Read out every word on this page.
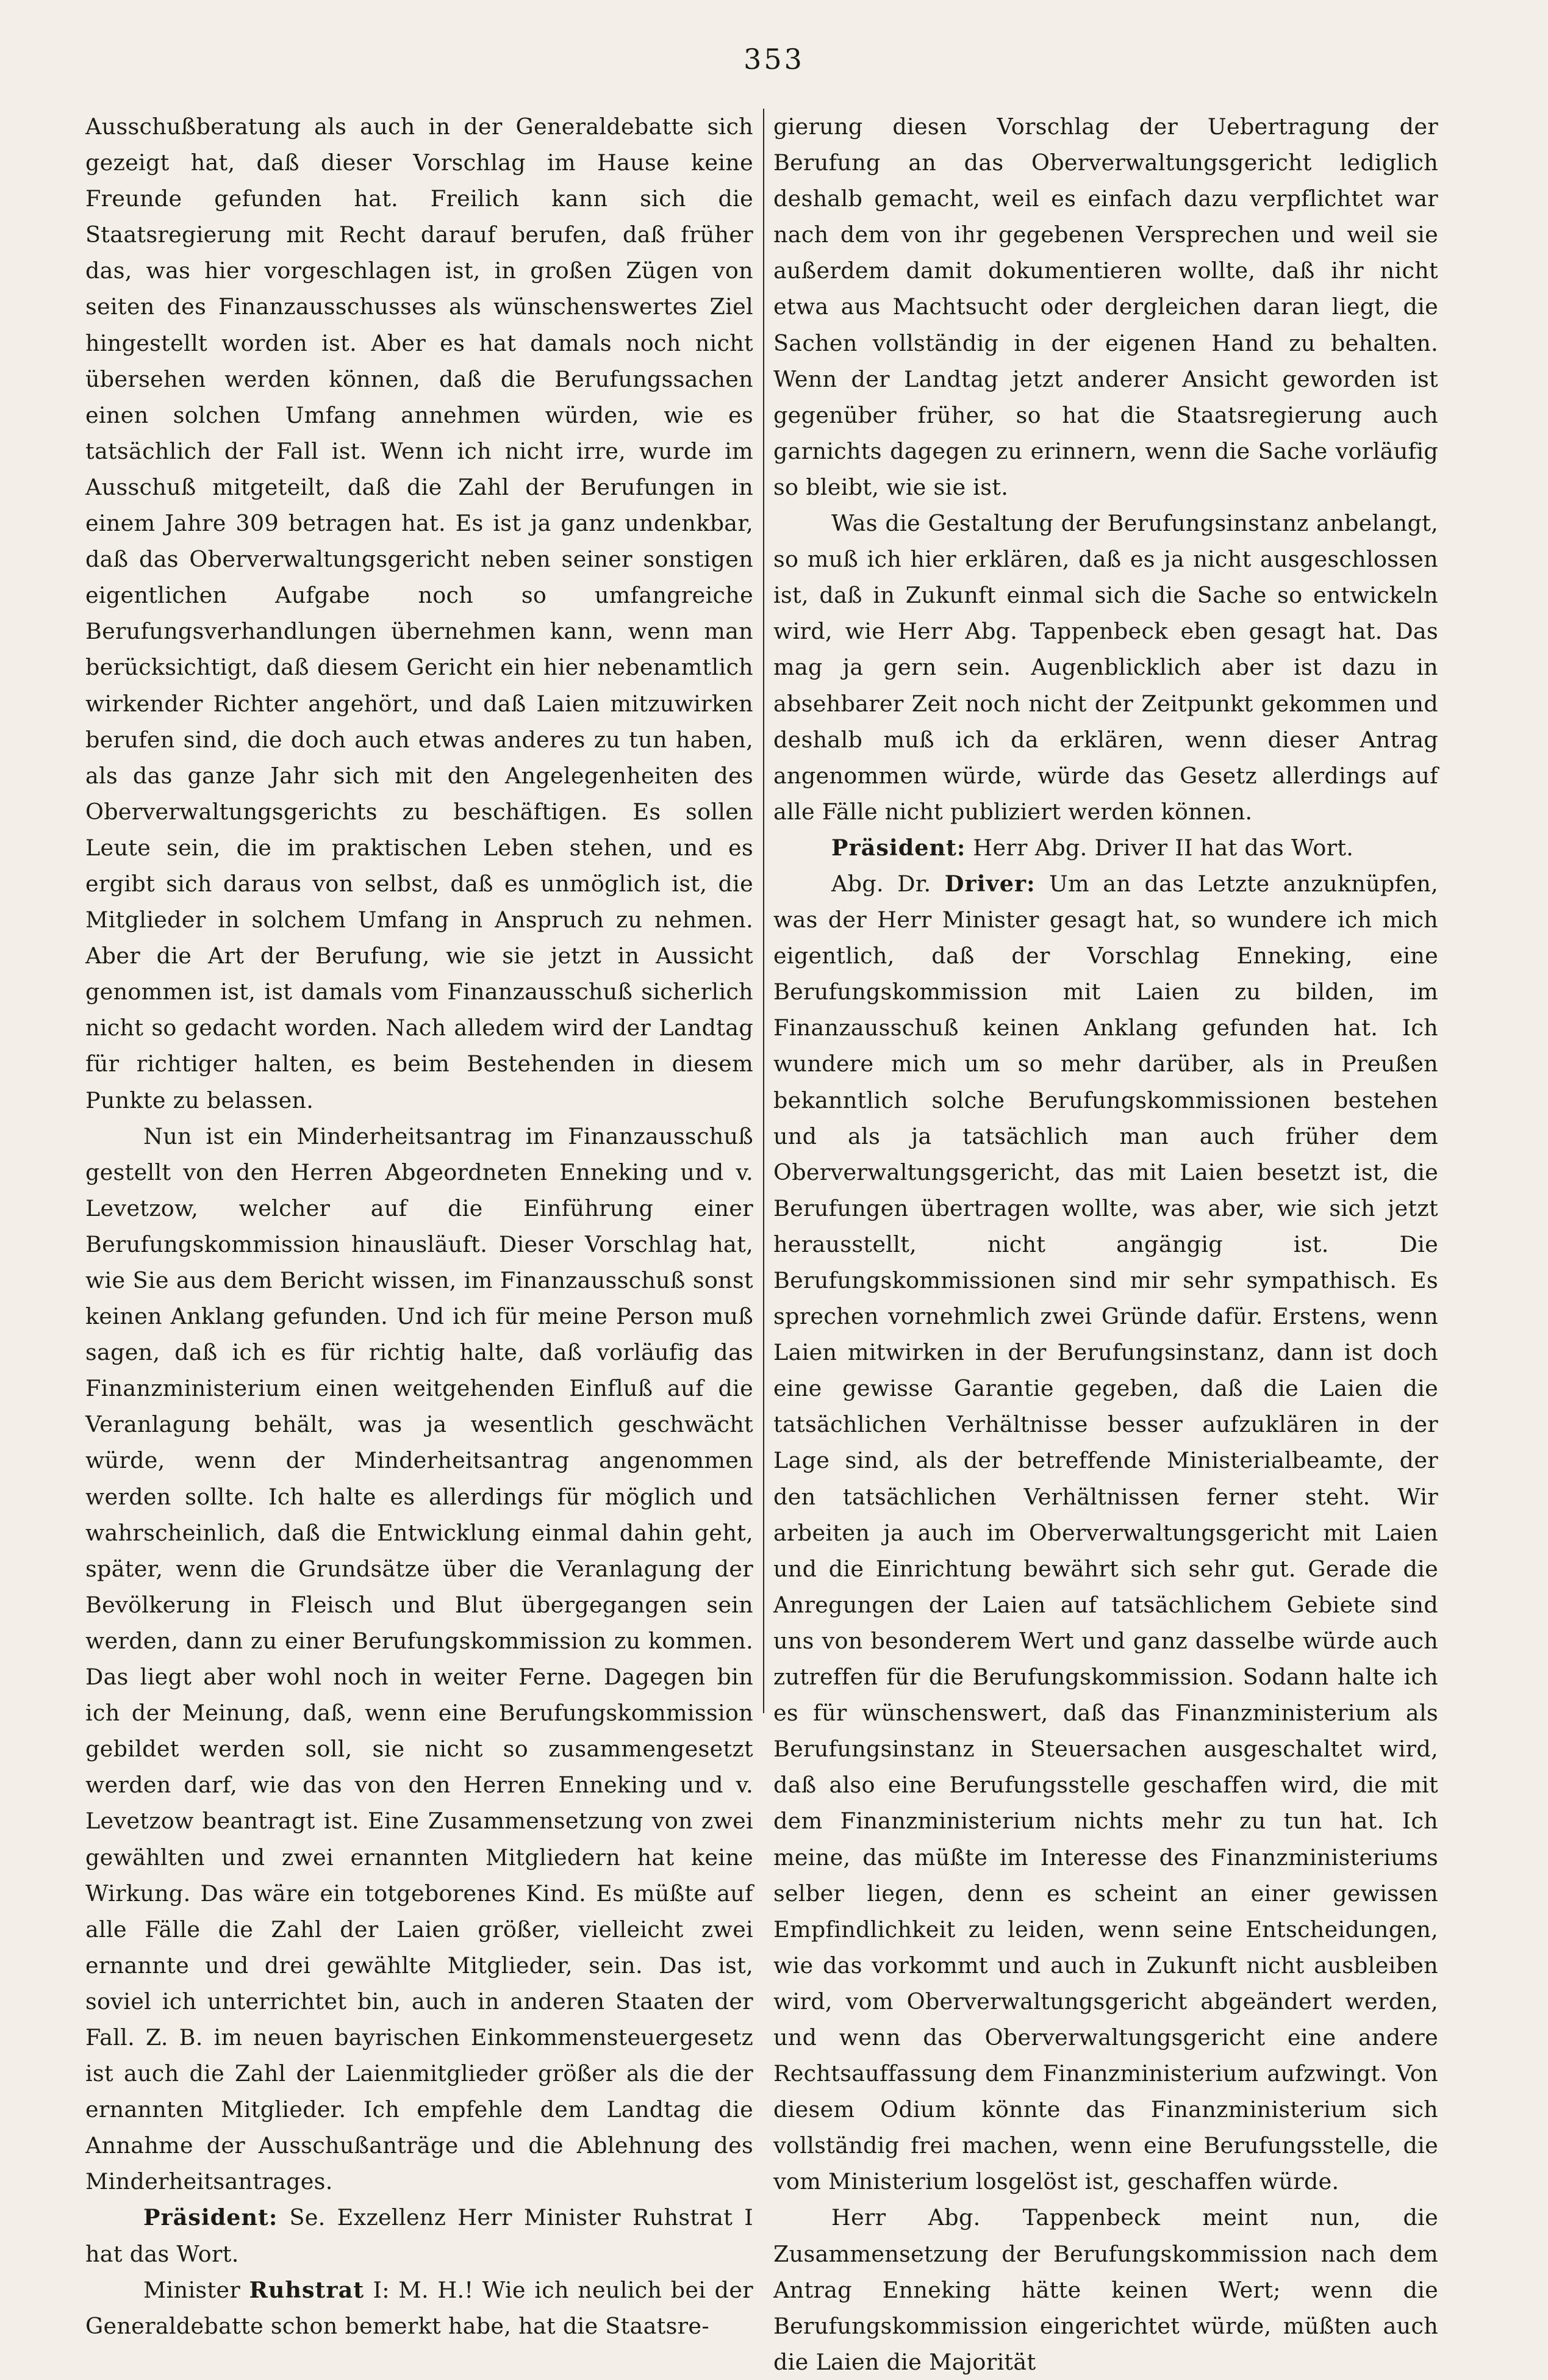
353

Ausschußberatung als auch in der Generaldebatte sich gezeigt hat, daß dieser Vorschlag im Hause keine Freunde gefunden hat. Freilich kann sich die Staatsregierung mit Recht darauf berufen, daß früher das, was hier vorgeschlagen ist, in großen Zügen von seiten des Finanzausschusses als wünschenswertes Ziel hingestellt worden ist. Aber es hat damals noch nicht übersehen werden können, daß die Berufungssachen einen solchen Umfang annehmen würden, wie es tatsächlich der Fall ist. Wenn ich nicht irre, wurde im Ausschuß mitgeteilt, daß die Zahl der Berufungen in einem Jahre 309 betragen hat. Es ist ja ganz undenkbar, daß das Oberverwaltungsgericht neben seiner sonstigen eigentlichen Aufgabe noch so umfangreiche Berufungsverhandlungen übernehmen kann, wenn man berücksichtigt, daß diesem Gericht ein hier nebenamtlich wirkender Richter angehört, und daß Laien mitzuwirken berufen sind, die doch auch etwas anderes zu tun haben, als das ganze Jahr sich mit den Angelegenheiten des Oberverwaltungsgerichts zu beschäftigen. Es sollen Leute sein, die im praktischen Leben stehen, und es ergibt sich daraus von selbst, daß es unmöglich ist, die Mitglieder in solchem Umfang in Anspruch zu nehmen. Aber die Art der Berufung, wie sie jetzt in Aussicht genommen ist, ist damals vom Finanzausschuß sicherlich nicht so gedacht worden. Nach alledem wird der Landtag für richtiger halten, es beim Bestehenden in diesem Punkte zu belassen.

Nun ist ein Minderheitsantrag im Finanzausschuß gestellt von den Herren Abgeordneten Enneking und v. Levetzow, welcher auf die Einführung einer Berufungskommission hinausläuft. Dieser Vorschlag hat, wie Sie aus dem Bericht wissen, im Finanzausschuß sonst keinen Anklang gefunden. Und ich für meine Person muß sagen, daß ich es für richtig halte, daß vorläufig das Finanzministerium einen weitgehenden Einfluß auf die Veranlagung behält, was ja wesentlich geschwächt würde, wenn der Minderheitsantrag angenommen werden sollte. Ich halte es allerdings für möglich und wahrscheinlich, daß die Entwicklung einmal dahin geht, später, wenn die Grundsätze über die Veranlagung der Bevölkerung in Fleisch und Blut übergegangen sein werden, dann zu einer Berufungskommission zu kommen. Das liegt aber wohl noch in weiter Ferne. Dagegen bin ich der Meinung, daß, wenn eine Berufungskommission gebildet werden soll, sie nicht so zusammengesetzt werden darf, wie das von den Herren Enneking und v. Levetzow beantragt ist. Eine Zusammensetzung von zwei gewählten und zwei ernannten Mitgliedern hat keine Wirkung. Das wäre ein totgeborenes Kind. Es müßte auf alle Fälle die Zahl der Laien größer, vielleicht zwei ernannte und drei gewählte Mitglieder, sein. Das ist, soviel ich unterrichtet bin, auch in anderen Staaten der Fall. Z. B. im neuen bayrischen Einkommensteuergesetz ist auch die Zahl der Laienmitglieder größer als die der ernannten Mitglieder. Ich empfehle dem Landtag die Annahme der Ausschußanträge und die Ablehnung des Minderheitsantrages.

Präsident: Se. Exzellenz Herr Minister Ruhstrat I hat das Wort.

Minister Ruhstrat I: M. H.! Wie ich neulich bei der Generaldebatte schon bemerkt habe, hat die Staatsre-

gierung diesen Vorschlag der Uebertragung der Berufung an das Oberverwaltungsgericht lediglich deshalb gemacht, weil es einfach dazu verpflichtet war nach dem von ihr gegebenen Versprechen und weil sie außerdem damit dokumentieren wollte, daß ihr nicht etwa aus Machtsucht oder dergleichen daran liegt, die Sachen vollständig in der eigenen Hand zu behalten. Wenn der Landtag jetzt anderer Ansicht geworden ist gegenüber früher, so hat die Staatsregierung auch garnichts dagegen zu erinnern, wenn die Sache vorläufig so bleibt, wie sie ist.

Was die Gestaltung der Berufungsinstanz anbelangt, so muß ich hier erklären, daß es ja nicht ausgeschlossen ist, daß in Zukunft einmal sich die Sache so entwickeln wird, wie Herr Abg. Tappenbeck eben gesagt hat. Das mag ja gern sein. Augenblicklich aber ist dazu in absehbarer Zeit noch nicht der Zeitpunkt gekommen und deshalb muß ich da erklären, wenn dieser Antrag angenommen würde, würde das Gesetz allerdings auf alle Fälle nicht publiziert werden können.

Präsident: Herr Abg. Driver II hat das Wort.

Abg. Dr. Driver: Um an das Letzte anzuknüpfen, was der Herr Minister gesagt hat, so wundere ich mich eigentlich, daß der Vorschlag Enneking, eine Berufungskommission mit Laien zu bilden, im Finanzausschuß keinen Anklang gefunden hat. Ich wundere mich um so mehr darüber, als in Preußen bekanntlich solche Berufungskommissionen bestehen und als ja tatsächlich man auch früher dem Oberverwaltungsgericht, das mit Laien besetzt ist, die Berufungen übertragen wollte, was aber, wie sich jetzt herausstellt, nicht angängig ist. Die Berufungskommissionen sind mir sehr sympathisch. Es sprechen vornehmlich zwei Gründe dafür. Erstens, wenn Laien mitwirken in der Berufungsinstanz, dann ist doch eine gewisse Garantie gegeben, daß die Laien die tatsächlichen Verhältnisse besser aufzuklären in der Lage sind, als der betreffende Ministerialbeamte, der den tatsächlichen Verhältnissen ferner steht. Wir arbeiten ja auch im Oberverwaltungsgericht mit Laien und die Einrichtung bewährt sich sehr gut. Gerade die Anregungen der Laien auf tatsächlichem Gebiete sind uns von besonderem Wert und ganz dasselbe würde auch zutreffen für die Berufungskommission. Sodann halte ich es für wünschenswert, daß das Finanzministerium als Berufungsinstanz in Steuersachen ausgeschaltet wird, daß also eine Berufungsstelle geschaffen wird, die mit dem Finanzministerium nichts mehr zu tun hat. Ich meine, das müßte im Interesse des Finanzministeriums selber liegen, denn es scheint an einer gewissen Empfindlichkeit zu leiden, wenn seine Entscheidungen, wie das vorkommt und auch in Zukunft nicht ausbleiben wird, vom Oberverwaltungsgericht abgeändert werden, und wenn das Oberverwaltungsgericht eine andere Rechtsauffassung dem Finanzministerium aufzwingt. Von diesem Odium könnte das Finanzministerium sich vollständig frei machen, wenn eine Berufungsstelle, die vom Ministerium losgelöst ist, geschaffen würde.

Herr Abg. Tappenbeck meint nun, die Zusammensetzung der Berufungskommission nach dem Antrag Enneking hätte keinen Wert; wenn die Berufungskommission eingerichtet würde, müßten auch die Laien die Majorität
